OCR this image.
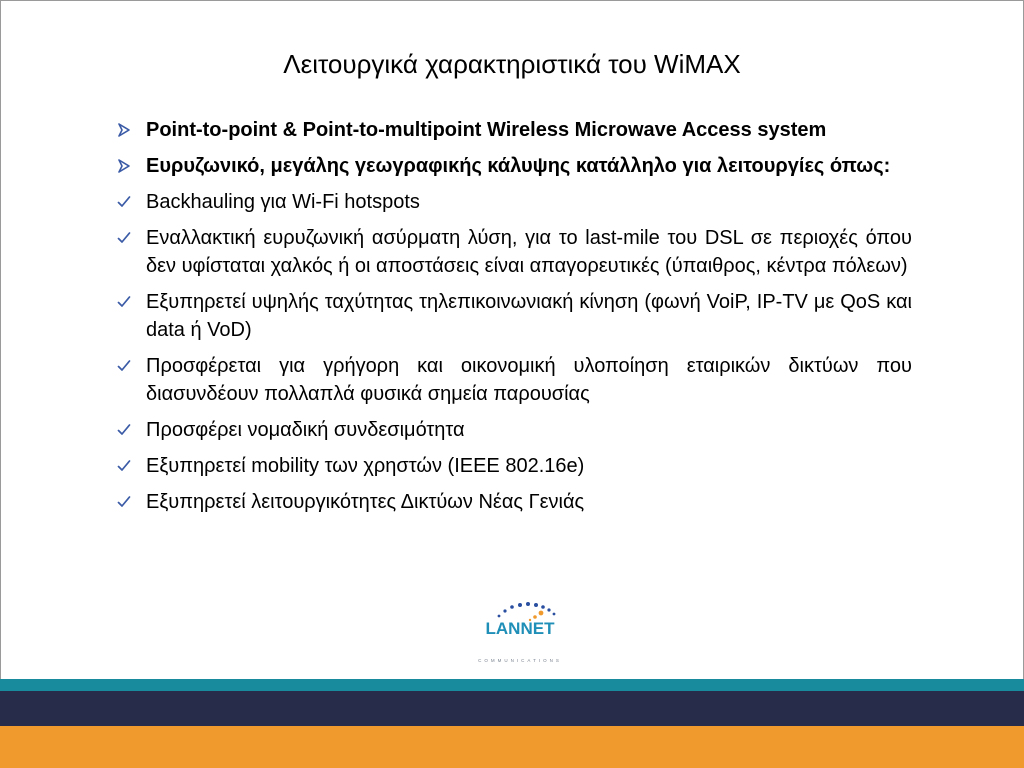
Λειτουργικά χαρακτηριστικά του WiMAX
Point-to-point & Point-to-multipoint Wireless Microwave Access system
Ευρυζωνικό, μεγάλης γεωγραφικής κάλυψης κατάλληλο για λειτουργίες όπως:
Backhauling για Wi-Fi hotspots
Εναλλακτική ευρυζωνική ασύρματη λύση, για το last-mile του DSL σε περιοχές όπου δεν υφίσταται χαλκός ή οι αποστάσεις είναι απαγορευτικές (ύπαιθρος, κέντρα πόλεων)
Εξυπηρετεί υψηλής ταχύτητας τηλεπικοινωνιακή κίνηση (φωνή VoiP, IP-TV με QoS και data ή VoD)
Προσφέρεται για γρήγορη και οικονομική υλοποίηση εταιρικών δικτύων που διασυνδέουν πολλαπλά φυσικά σημεία παρουσίας
Προσφέρει νομαδική συνδεσιμότητα
Εξυπηρετεί mobility των χρηστών (IEEE 802.16e)
Εξυπηρετεί λειτουργικότητες Δικτύων Νέας Γενιάς
LANNET
COMMUNICATIONS
